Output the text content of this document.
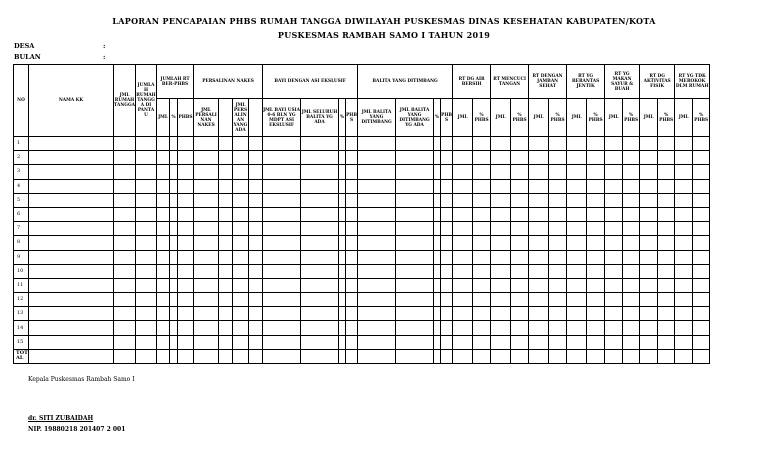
LAPORAN PENCAPAIAN PHBS RUMAH TANGGA DIWILAYAH PUSKESMAS DINAS KESEHATAN KABUPATEN/KOTA
PUSKESMAS RAMBAH SAMO I TAHUN 2019
DESA	:
BULAN	:
NO	NAMA KK	JML RUMAH TANGGA	JUMLAH RUMAH TANGGA DI PANTAU	JUMLAH RT BER-PHBS			PERSALINAN NAKES				BAYI DENGAN ASI EKSLUSIF				BALITA YANG DITIMBANG				RT DG AIR BERSIH		RT MENCUCI TANGAN		RT DENGAN JAMBAN SEHAT		RT YG BERANTAS JENTIK		RT YG MAKAN SAYUR & BUAH		RT DG AKTIVITAS FISIK		RT YG TDK MEROKOK DLM RUMAH	
				JML	%	PHBS	JML PERSALINAN NAKES		JML PERSALINAN YANG ADA		JML BAYI USIA 0-6 BLN YG MDPT ASI EKSLUSIF	JML SELURUH BALITA YG ADA	%	PHBS	JML BALITA YANG DITIMBANG	JML BALITA YANG DITIMBANG YG ADA	%	PHBS	JML	% PHBS	JML	% PHBS	JML	% PHBS	JML	% PHBS	JML	% PHBS	JML	% PHBS	JML	% PHBS
1																																
2																																
3																																
4																																
5																																
6																																
7																																
8																																
9																																
10																																
11																																
12																																
13																																
14																																
15																																
TOTAL																																
Kepala Puskesmas Rambah Samo I
dr. SITI ZUBAIDAH
NIP. 19880218 201407 2 001
